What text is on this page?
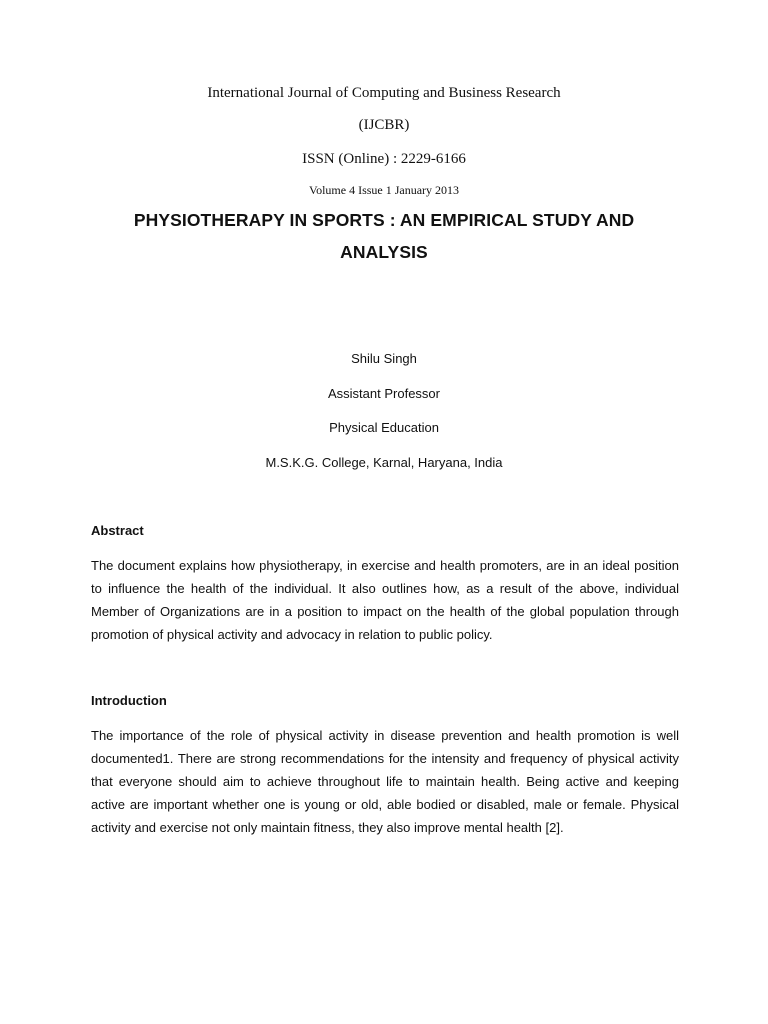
International Journal of Computing and Business Research
(IJCBR)
ISSN (Online) : 2229-6166
Volume 4 Issue 1 January 2013
PHYSIOTHERAPY IN SPORTS : AN EMPIRICAL STUDY AND
ANALYSIS
Shilu Singh
Assistant Professor
Physical Education
M.S.K.G. College, Karnal, Haryana, India
Abstract

The document explains how physiotherapy, in exercise and health promoters, are in an ideal position to influence the health of the individual. It also outlines how, as a result of the above, individual Member of Organizations are in a position to impact on the health of the global population through promotion of physical activity and advocacy in relation to public policy.

Introduction

The importance of the role of physical activity in disease prevention and health promotion is well documented1. There are strong recommendations for the intensity and frequency of physical activity that everyone should aim to achieve throughout life to maintain health. Being active and keeping active are important whether one is young or old, able bodied or disabled, male or female. Physical activity and exercise not only maintain fitness, they also improve mental health [2].
